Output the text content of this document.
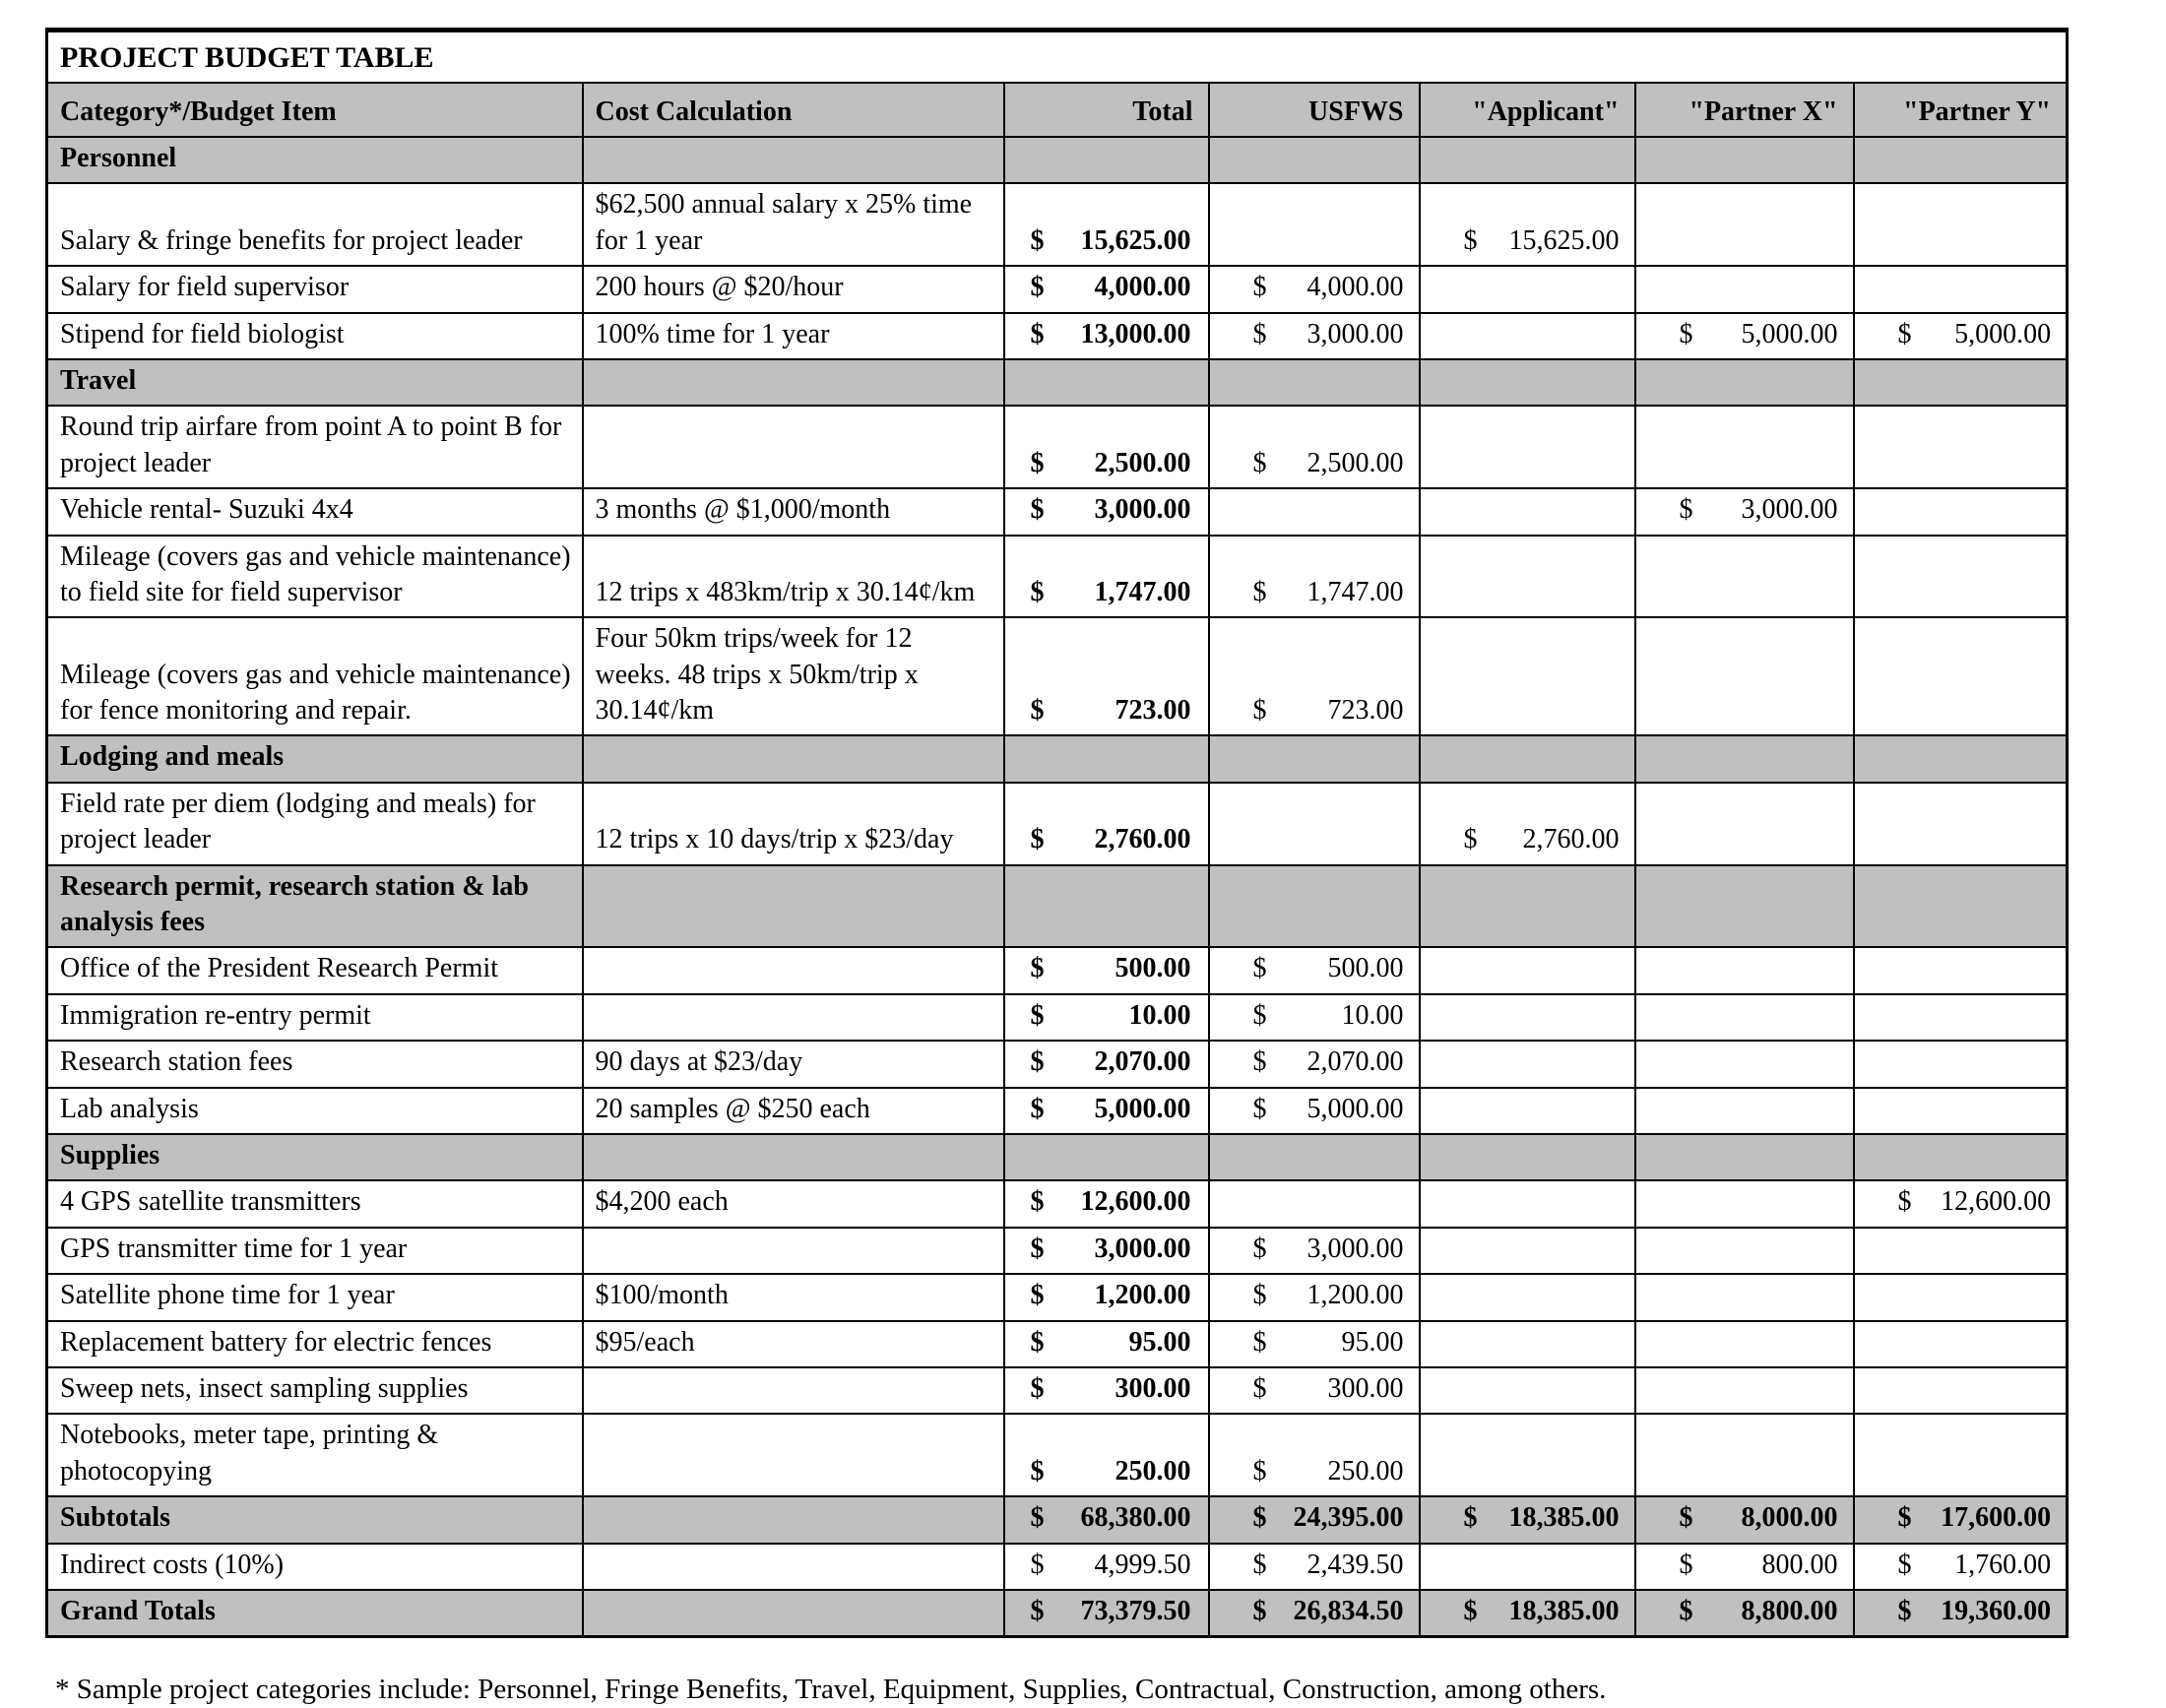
PROJECT BUDGET TABLE						
Category*/Budget Item	Cost Calculation	Total	USFWS	"Applicant"	"Partner X"	"Partner Y"
Personnel						
Salary & fringe benefits for project leader	$62,500 annual salary x 25% time for 1 year	$ 15,625.00		$ 15,625.00		

Salary for field supervisor	200 hours @ $20/hour	$ 4,000.00	$ 4,000.00			

Stipend for field biologist	100% time for 1 year	$ 13,000.00	$ 3,000.00		$ 5,000.00	$ 5,000.00

Travel						
Round trip airfare from point A to point B for project leader		$ 2,500.00	$ 2,500.00			

Vehicle rental- Suzuki 4x4	3 months @ $1,000/month	$ 3,000.00			$ 3,000.00	

Mileage (covers gas and vehicle maintenance) to field site for field supervisor	12 trips x 483km/trip x 30.14¢/km	$ 1,747.00	$ 1,747.00			

Mileage (covers gas and vehicle maintenance) for fence monitoring and repair.	Four 50km trips/week for 12 weeks. 48 trips x 50km/trip x 30.14¢/km	$ 723.00	$ 723.00			

Lodging and meals						
Field rate per diem (lodging and meals) for project leader	12 trips x 10 days/trip x $23/day	$ 2,760.00		$ 2,760.00		

Research permit, research station & lab analysis fees						
Office of the President Research Permit		$ 500.00	$ 500.00			

Immigration re-entry permit		$ 10.00	$ 10.00			

Research station fees	90 days at $23/day	$ 2,070.00	$ 2,070.00			

Lab analysis	20 samples @ $250 each	$ 5,000.00	$ 5,000.00			

Supplies						
4 GPS satellite transmitters	$4,200 each	$ 12,600.00				$ 12,600.00

GPS transmitter time for 1 year		$ 3,000.00	$ 3,000.00			

Satellite phone time for 1 year	$100/month	$ 1,200.00	$ 1,200.00			

Replacement battery for electric fences	$95/each	$ 95.00	$ 95.00			

Sweep nets, insect sampling supplies		$ 300.00	$ 300.00			

Notebooks, meter tape, printing & photocopying		$ 250.00	$ 250.00			

Subtotals		$ 68,380.00	$ 24,395.00	$ 18,385.00	$ 8,000.00	$ 17,600.00

Indirect costs (10%)		$ 4,999.50	$ 2,439.50		$ 800.00	$ 1,760.00

Grand Totals		$ 73,379.50	$ 26,834.50	$ 18,385.00	$ 8,800.00	$ 19,360.00

* Sample project categories include: Personnel, Fringe Benefits, Travel, Equipment, Supplies, Contractual, Construction, among others.
